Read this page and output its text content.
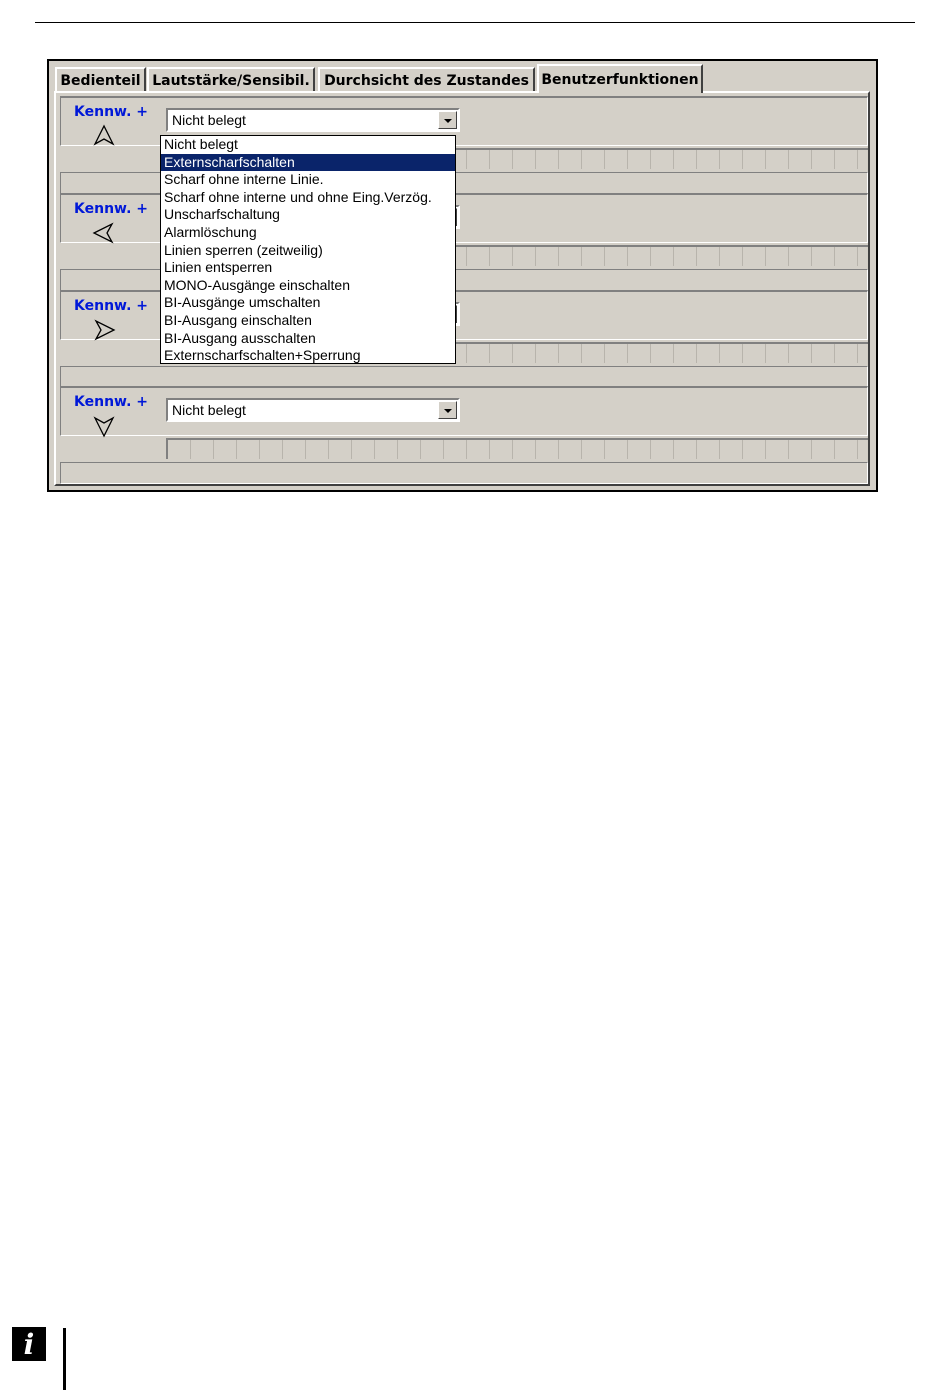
Bedienteil Lautstärke/Sensibil.	Durchsicht des Zustandes Benutzerfunktionen
Kennw. + Nicht belegt
Kennw. +
Kennw. +
Kennw. + Nicht belegt
Nicht belegt
Externscharfschalten
Scharf ohne interne Linie.
Scharf ohne interne und ohne Eing.Verzög.
Unscharfschaltung
Alarmlöschung
Linien sperren (zeitweilig)
Linien entsperren
MONO-Ausgänge einschalten
BI-Ausgänge umschalten
BI-Ausgang einschalten
BI-Ausgang ausschalten
Externscharfschalten+Sperrung
i
